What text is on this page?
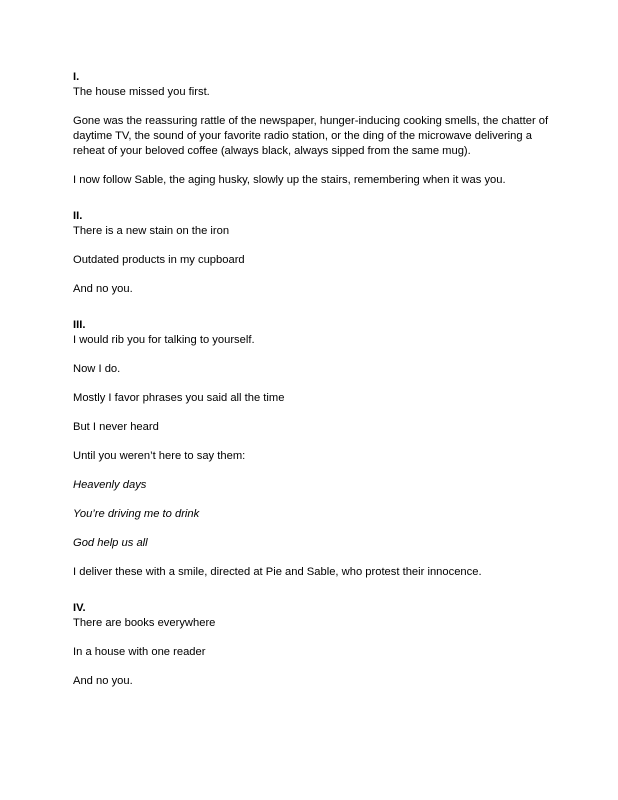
I.

The house missed you first.

Gone was the reassuring rattle of the newspaper, hunger-inducing cooking smells, the chatter of daytime TV, the sound of your favorite radio station, or the ding of the microwave delivering a reheat of your beloved coffee (always black, always sipped from the same mug).

I now follow Sable, the aging husky, slowly up the stairs, remembering when it was you.

II.

There is a new stain on the iron

Outdated products in my cupboard

And no you.

III.

I would rib you for talking to yourself.

Now I do.

Mostly I favor phrases you said all the time

But I never heard

Until you weren’t here to say them:

Heavenly days

You’re driving me to drink

God help us all

I deliver these with a smile, directed at Pie and Sable, who protest their innocence.

IV.

There are books everywhere

In a house with one reader

And no you.
